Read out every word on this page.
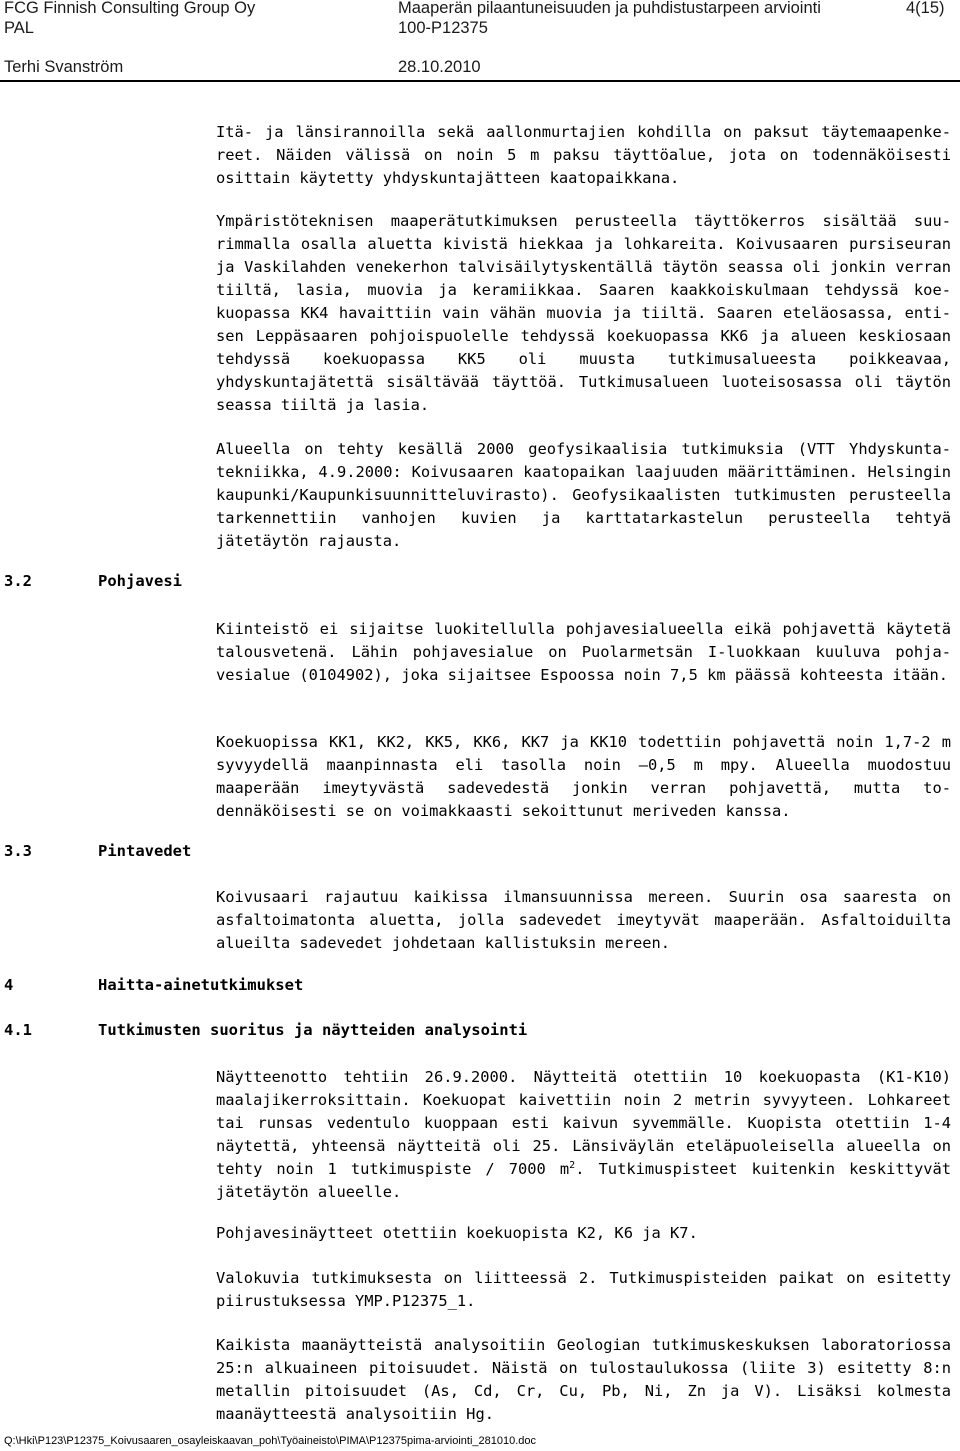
FCG Finnish Consulting Group Oy
PAL
Terhi Svanström
Maaperän pilaantuneisuuden ja puhdistustarpeen arviointi
100-P12375
28.10.2010
4(15)

Itä- ja länsirannoilla sekä aallonmurtajien kohdilla on paksut täytemaapenkereet. Näiden välissä on noin 5 m paksu täyttöalue, jota on todennäköisesti osittain käytetty yhdyskuntajätteen kaatopaikkana.

Ympäristöteknisen maaperätutkimuksen perusteella täyttökerros sisältää suurimmalla osalla aluetta kivistä hiekkaa ja lohkareita. Koivusaaren pursiseuran ja Vaskilahden venekerhon talvisäilytyskentällä täytön seassa oli jonkin verran tiiltä, lasia, muovia ja keramiikkaa. Saaren kaakkoiskulmaan tehdyssä koekuopassa KK4 havaittiin vain vähän muovia ja tiiltä. Saaren eteläosassa, entisen Leppäsaaren pohjoispuolelle tehdyssä koekuopassa KK6 ja alueen keskiosaan tehdyssä koekuopassa KK5 oli muusta tutkimusalueesta poikkeavaa, yhdyskuntajätettä sisältävää täyttöä. Tutkimusalueen luoteisosassa oli täytön seassa tiiltä ja lasia.

Alueella on tehty kesällä 2000 geofysikaalisia tutkimuksia (VTT Yhdyskuntatekniikka, 4.9.2000: Koivusaaren kaatopaikan laajuuden määrittäminen. Helsingin kaupunki/Kaupunkisuunnitteluvirasto). Geofysikaalisten tutkimusten perusteella tarkennettiin vanhojen kuvien ja karttatarkastelun perusteella tehtyä jätetäytön rajausta.

3.2	Pohjavesi

Kiinteistö ei sijaitse luokitellulla pohjavesialueella eikä pohjavettä käytetä talousvetenä. Lähin pohjavesialue on Puolarmetsän I-luokkaan kuuluva pohjavesialue (0104902), joka sijaitsee Espoossa noin 7,5 km päässä kohteesta itään.

Koekuopissa KK1, KK2, KK5, KK6, KK7 ja KK10 todettiin pohjavettä noin 1,7-2 m syvyydellä maanpinnasta eli tasolla noin –0,5 m mpy. Alueella muodostuu maaperään imeytyvästä sadevedestä jonkin verran pohjavettä, mutta todennäköisesti se on voimakkaasti sekoittunut meriveden kanssa.

3.3	Pintavedet

Koivusaari rajautuu kaikissa ilmansuunnissa mereen. Suurin osa saaresta on asfaltoimatonta aluetta, jolla sadevedet imeytyvät maaperään. Asfaltoiduilta alueilta sadevedet johdetaan kallistuksin mereen.

4	Haitta-ainetutkimukset
4.1	Tutkimusten suoritus ja näytteiden analysointi

Näytteenotto tehtiin 26.9.2000. Näytteitä otettiin 10 koekuopasta (K1-K10) maalajikerroksittain. Koekuopat kaivettiin noin 2 metrin syvyyteen. Lohkareet tai runsas vedentulo kuoppaan esti kaivun syvemmälle. Kuopista otettiin 1-4 näytettä, yhteensä näytteitä oli 25. Länsiväylän eteläpuoleisella alueella on tehty noin 1 tutkimuspiste / 7000 $m^2$. Tutkimuspisteet kuitenkin keskittyvät jätetäytön alueelle.

Pohjavesinäytteet otettiin koekuopista K2, K6 ja K7.

Valokuvia tutkimuksesta on liitteessä 2. Tutkimuspisteiden paikat on esitetty piirustuksessa YMP.P12375_1.

Kaikista maanäytteistä analysoitiin Geologian tutkimuskeskuksen laboratoriossa 25:n alkuaineen pitoisuudet. Näistä on tulostaulukossa (liite 3) esitetty 8:n metallin pitoisuudet (As, Cd, Cr, Cu, Pb, Ni, Zn ja V). Lisäksi kolmesta maanäytteestä analysoitiin Hg.

Q:\Hki\P123\P12375_Koivusaaren_osayleiskaavan_poh\Työaineisto\PIMA\P12375pima-arviointi_281010.doc
